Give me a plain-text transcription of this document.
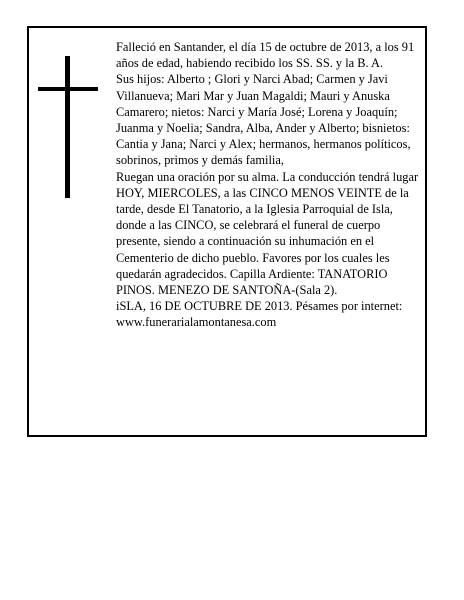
Falleció en Santander, el día 15 de octubre de 2013, a los 91 años de edad, habiendo recibido los SS. SS. y la B. A.

Sus hijos: Alberto ; Glori y Narci Abad; Carmen y Javi Villanueva; Mari Mar y Juan Magaldi; Mauri y Anuska Camarero; nietos: Narci y María José; Lorena y Joaquín; Juanma y Noelia; Sandra, Alba, Ander y Alberto; bisnietos: Cantia y Jana; Narci y Alex; hermanos, hermanos políticos, sobrinos, primos y demás familia,

Ruegan una oración por su alma. La conducción tendrá lugar HOY, MIERCOLES, a las CINCO MENOS VEINTE de la tarde, desde El Tanatorio, a la Iglesia Parroquial de Isla, donde a las CINCO, se celebrará el funeral de cuerpo presente, siendo a continuación su inhumación en el Cementerio de dicho pueblo. Favores por los cuales les quedarán agradecidos. Capilla Ardiente: TANATORIO PINOS. MENEZO DE SANTOÑA-(Sala 2).

iSLA, 16 DE OCTUBRE DE 2013. Pésames por internet: www.funerarialamontanesa.com
